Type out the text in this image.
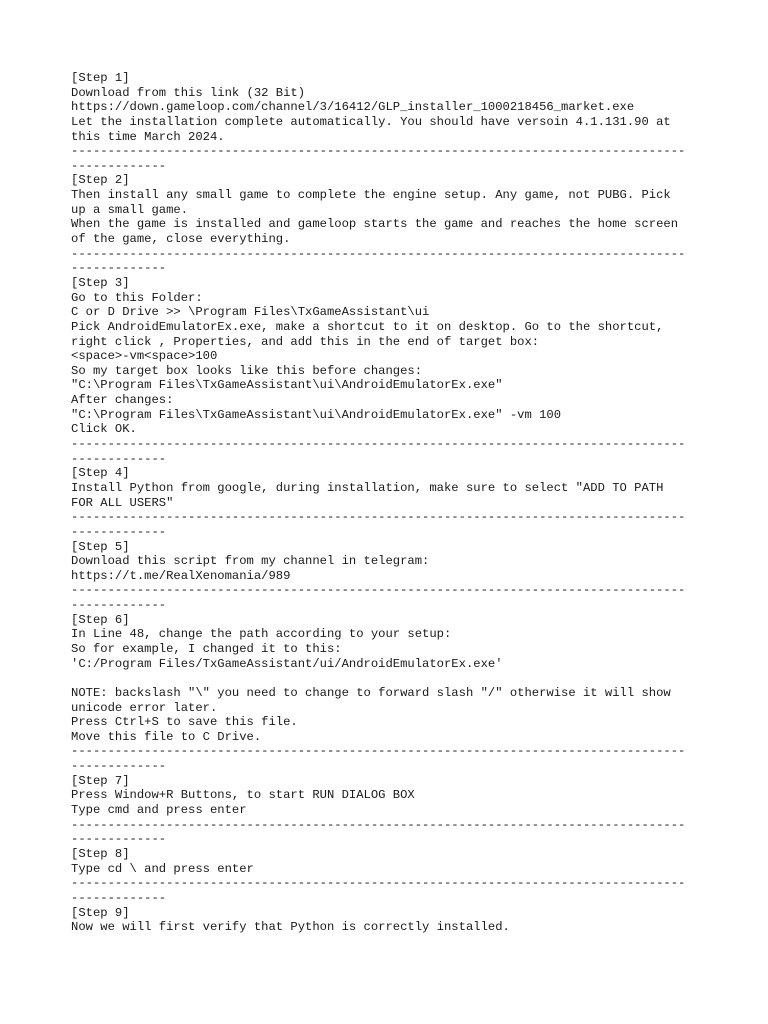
[Step 1]
Download from this link (32 Bit)
https://down.gameloop.com/channel/3/16412/GLP_installer_1000218456_market.exe
Let the installation complete automatically. You should have versoin 4.1.131.90 at
this time March 2024.
------------------------------------------------------------------------------------
-------------
[Step 2]
Then install any small game to complete the engine setup. Any game, not PUBG. Pick
up a small game.
When the game is installed and gameloop starts the game and reaches the home screen
of the game, close everything.
------------------------------------------------------------------------------------
-------------
[Step 3]
Go to this Folder:
C or D Drive >> \Program Files\TxGameAssistant\ui
Pick AndroidEmulatorEx.exe, make a shortcut to it on desktop. Go to the shortcut,
right click , Properties, and add this in the end of target box:
<space>-vm<space>100
So my target box looks like this before changes:
"C:\Program Files\TxGameAssistant\ui\AndroidEmulatorEx.exe"
After changes:
"C:\Program Files\TxGameAssistant\ui\AndroidEmulatorEx.exe" -vm 100
Click OK.
------------------------------------------------------------------------------------
-------------
[Step 4]
Install Python from google, during installation, make sure to select "ADD TO PATH
FOR ALL USERS"
------------------------------------------------------------------------------------
-------------
[Step 5]
Download this script from my channel in telegram:
https://t.me/RealXenomania/989
------------------------------------------------------------------------------------
-------------
[Step 6]
In Line 48, change the path according to your setup:
So for example, I changed it to this:
'C:/Program Files/TxGameAssistant/ui/AndroidEmulatorEx.exe'
NOTE: backslash "\" you need to change to forward slash "/" otherwise it will show
unicode error later.
Press Ctrl+S to save this file.
Move this file to C Drive.
------------------------------------------------------------------------------------
-------------
[Step 7]
Press Window+R Buttons, to start RUN DIALOG BOX
Type cmd and press enter
------------------------------------------------------------------------------------
-------------
[Step 8]
Type cd \ and press enter
------------------------------------------------------------------------------------
-------------
[Step 9]
Now we will first verify that Python is correctly installed.
